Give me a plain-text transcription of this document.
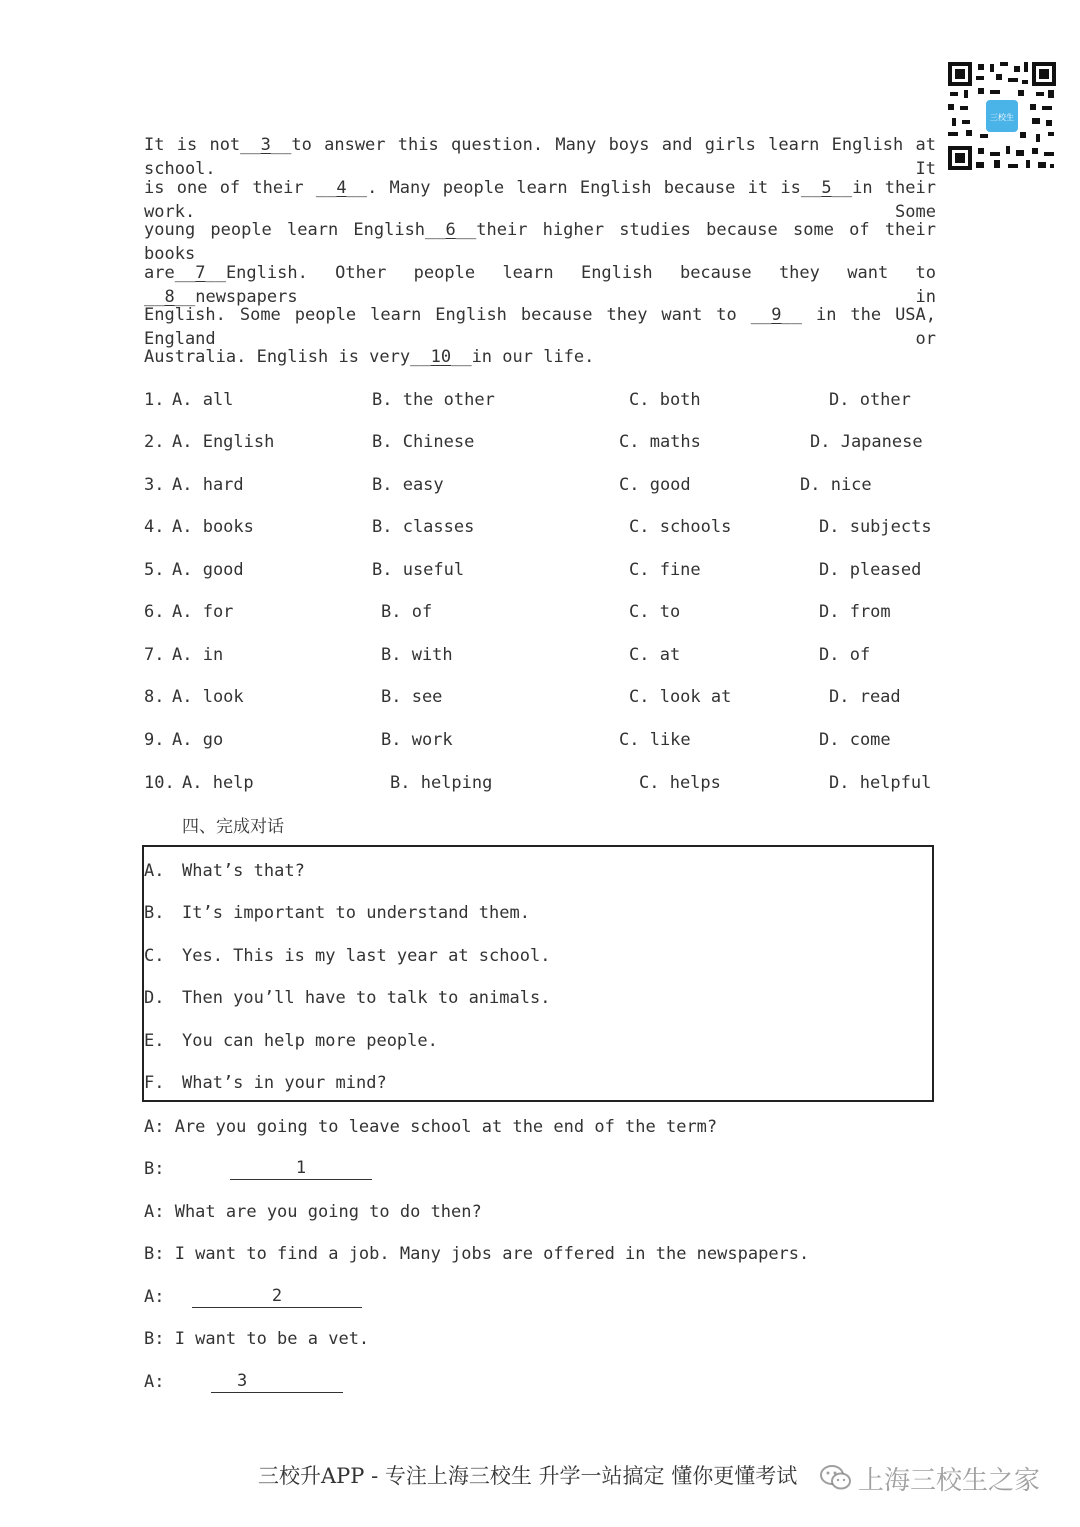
三校生
It is not__3__to answer this question. Many boys and girls learn English at school. It
is one of their __4__. Many people learn English because it is__5__in their work. Some
young people learn English__6__their higher studies because some of their books
are__7__English. Other people learn English because they want to __8__newspapers in
English. Some people learn English because they want to __9__ in the USA, England or
Australia. English is very__10__in our life.
1. A. all	B. the other	C. both	D. other
2. A. English	B. Chinese	C. maths	D. Japanese
3. A. hard	B. easy	C. good	D. nice
4. A. books	B. classes	C. schools	D. subjects
5. A. good	B. useful	C. fine	D. pleased
6. A. for	B. of	C. to	D. from
7. A. in	B. with	C. at	D. of
8. A. look	B. see	C. look at	D. read
9. A. go	B. work	C. like	D. come
10. A. help	B. helping	C. helps	D. helpful
四、完成对话
A. What’s that?
B. It’s important to understand them.
C. Yes. This is my last year at school.
D. Then you’ll have to talk to animals.
E. You can help more people.
F. What’s in your mind?
A: Are you going to leave school at the end of the term?
B:	1
A: What are you going to do then?
B: I want to find a job. Many jobs are offered in the newspapers.
A:	2
B: I want to be a vet.
A:	3
三校升APP - 专注上海三校生 升学一站搞定 懂你更懂考试 上海三校生之家
